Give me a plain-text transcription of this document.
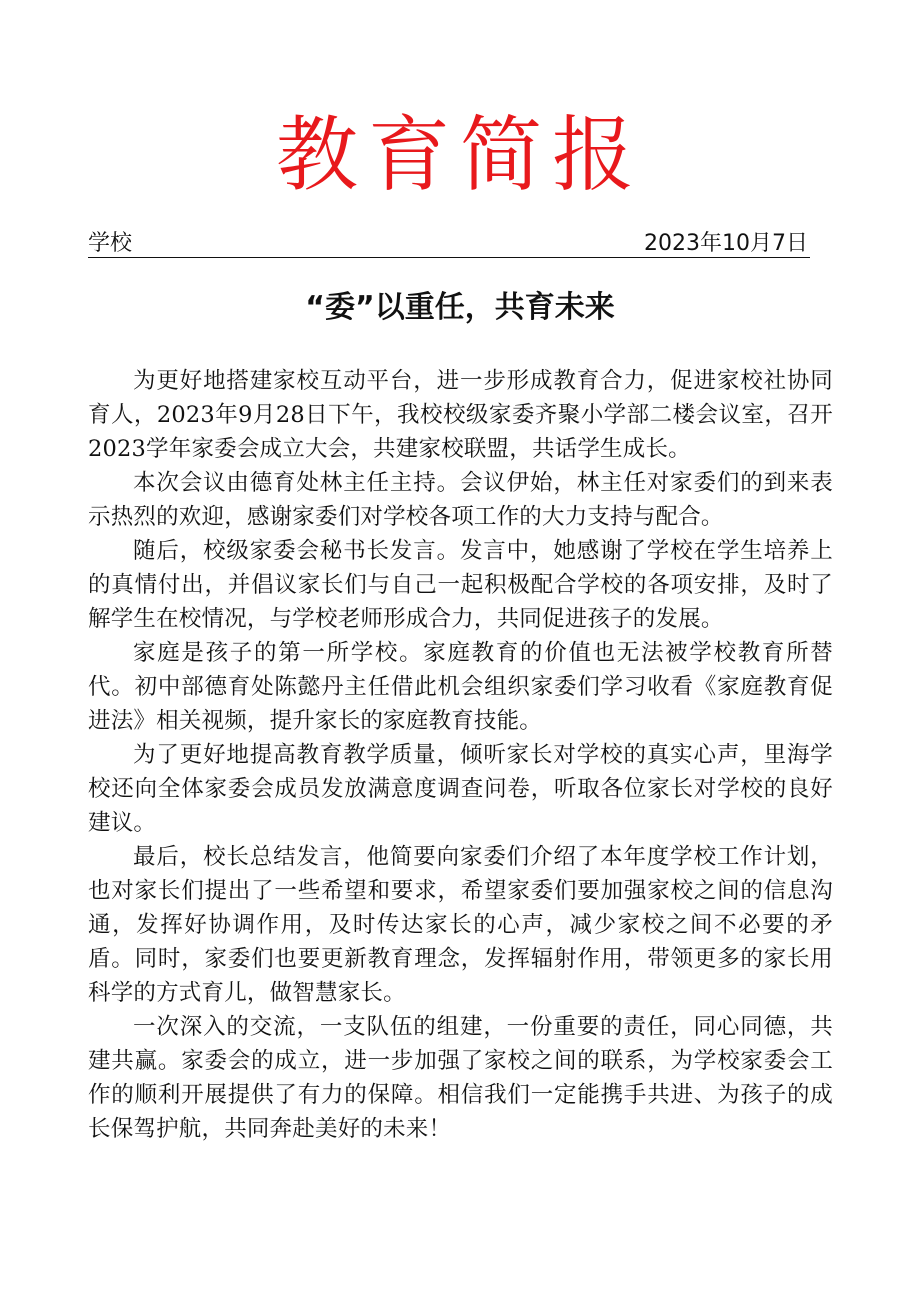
教育简报
学校	2023年10月7日
“委”以重任，共育未来

为更好地搭建家校互动平台，进一步形成教育合力，促进家校社协同育人，2023年9月28日下午，我校校级家委齐聚小学部二楼会议室，召开2023学年家委会成立大会，共建家校联盟，共话学生成长。

本次会议由德育处林主任主持。会议伊始，林主任对家委们的到来表示热烈的欢迎，感谢家委们对学校各项工作的大力支持与配合。

随后，校级家委会秘书长发言。发言中，她感谢了学校在学生培养上的真情付出，并倡议家长们与自己一起积极配合学校的各项安排，及时了解学生在校情况，与学校老师形成合力，共同促进孩子的发展。

家庭是孩子的第一所学校。家庭教育的价值也无法被学校教育所替代。初中部德育处陈懿丹主任借此机会组织家委们学习收看《家庭教育促进法》相关视频，提升家长的家庭教育技能。

为了更好地提高教育教学质量，倾听家长对学校的真实心声，里海学校还向全体家委会成员发放满意度调查问卷，听取各位家长对学校的良好建议。

最后，校长总结发言，他简要向家委们介绍了本年度学校工作计划，也对家长们提出了一些希望和要求，希望家委们要加强家校之间的信息沟通，发挥好协调作用，及时传达家长的心声，减少家校之间不必要的矛盾。同时，家委们也要更新教育理念，发挥辐射作用，带领更多的家长用科学的方式育儿，做智慧家长。

一次深入的交流，一支队伍的组建，一份重要的责任，同心同德，共建共赢。家委会的成立，进一步加强了家校之间的联系，为学校家委会工作的顺利开展提供了有力的保障。相信我们一定能携手共进、为孩子的成长保驾护航，共同奔赴美好的未来！
